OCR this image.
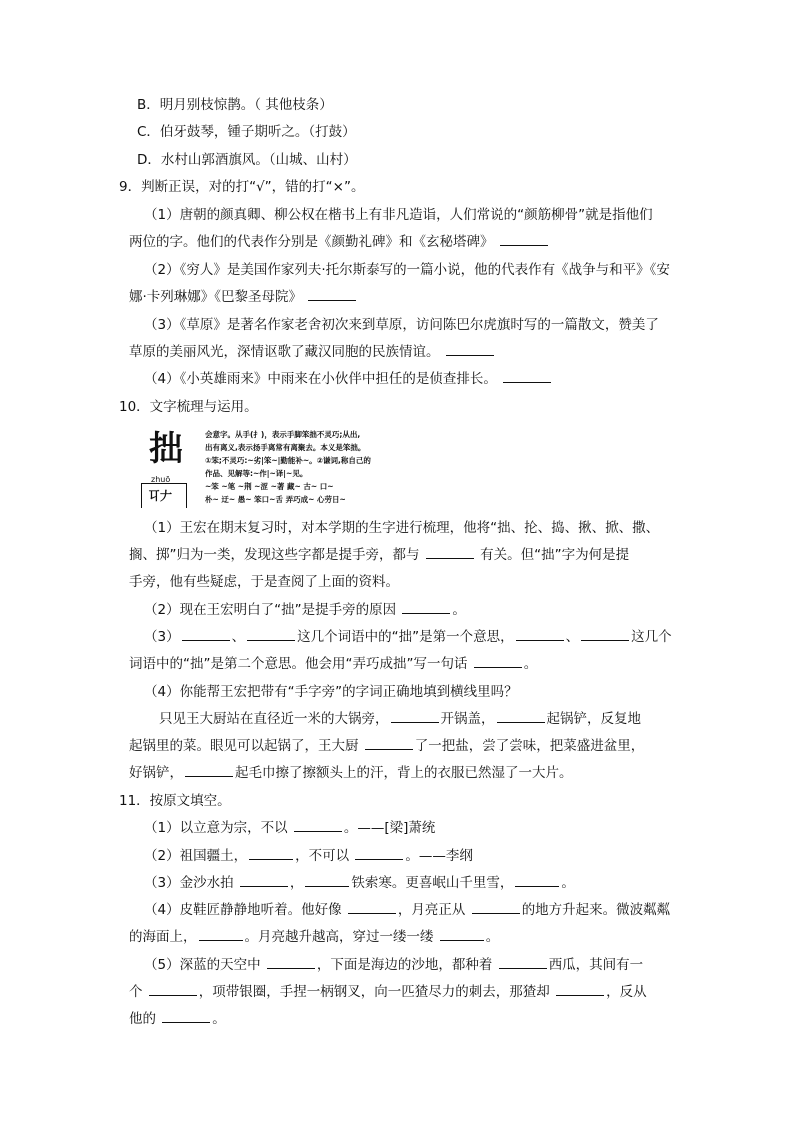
B．明月别枝惊鹊。（ 其他枝条）
C．伯牙鼓琴，锺子期听之。（打鼓）
D．水村山郭酒旗风。（山城、山村）
9．判断正误，对的打“√”，错的打“×”。
（1）唐朝的颜真卿、柳公权在楷书上有非凡造诣，人们常说的“颜筋柳骨”就是指他们
两位的字。他们的代表作分别是《颜勤礼碑》和《玄秘塔碑》
（2）《穷人》是美国作家列夫·托尔斯泰写的一篇小说，他的代表作有《战争与和平》《安
娜·卡列琳娜》《巴黎圣母院》
（3）《草原》是著名作家老舍初次来到草原，访问陈巴尔虎旗时写的一篇散文，赞美了
草原的美丽风光，深情讴歌了藏汉同胞的民族情谊。
（4）《小英雄雨来》中雨来在小伙伴中担任的是侦查排长。
10．文字梳理与运用。
拙
zhuō
㔿𠂇
会意字。从手(扌)，表示手脚笨拙不灵巧;从出,
出有离义,表示扬手离常有离聚去。本义是笨拙。
①笨;不灵巧:~劣|笨~|勤能补~。②谦词,称自己的
作品、见解等:~作|~译|~见。
~笨 ~笔 ~荆 ~涩 ~著 藏~ 古~ 口~
朴~ 迂~ 愚~ 笨口~舌 弄巧成~ 心劳日~
（1）王宏在期末复习时，对本学期的生字进行梳理，他将“拙、抡、捣、揪、掀、撒、
搁、掷”归为一类，发现这些字都是提手旁，都与	有关。但“拙”字为何是提
手旁，他有些疑虑，于是查阅了上面的资料。
（2）现在王宏明白了“拙”是提手旁的原因	。
（3）	、	这几个词语中的“拙”是第一个意思，	、	这几个
词语中的“拙”是第二个意思。他会用“弄巧成拙”写一句话	。
（4）你能帮王宏把带有“手字旁”的字词正确地填到横线里吗？
只见王大厨站在直径近一米的大锅旁，	开锅盖，	起锅铲，反复地
起锅里的菜。眼见可以起锅了，王大厨	了一把盐，尝了尝味，把菜盛进盆里，
好锅铲，	起毛巾擦了擦额头上的汗，背上的衣服已然湿了一大片。
11．按原文填空。
（1）以立意为宗，不以	。——[梁]萧统
（2）祖国疆土，	，不可以	。——李纲
（3）金沙水拍	，	铁索寒。更喜岷山千里雪，	。
（4）皮鞋匠静静地听着。他好像	，月亮正从	的地方升起来。微波粼粼
的海面上，	。月亮越升越高，穿过一缕一缕	。
（5）深蓝的天空中	，下面是海边的沙地，都种着	西瓜，其间有一
个	，项带银圈，手捏一柄钢叉，向一匹猹尽力的刺去，那猹却	，反从
他的	。
